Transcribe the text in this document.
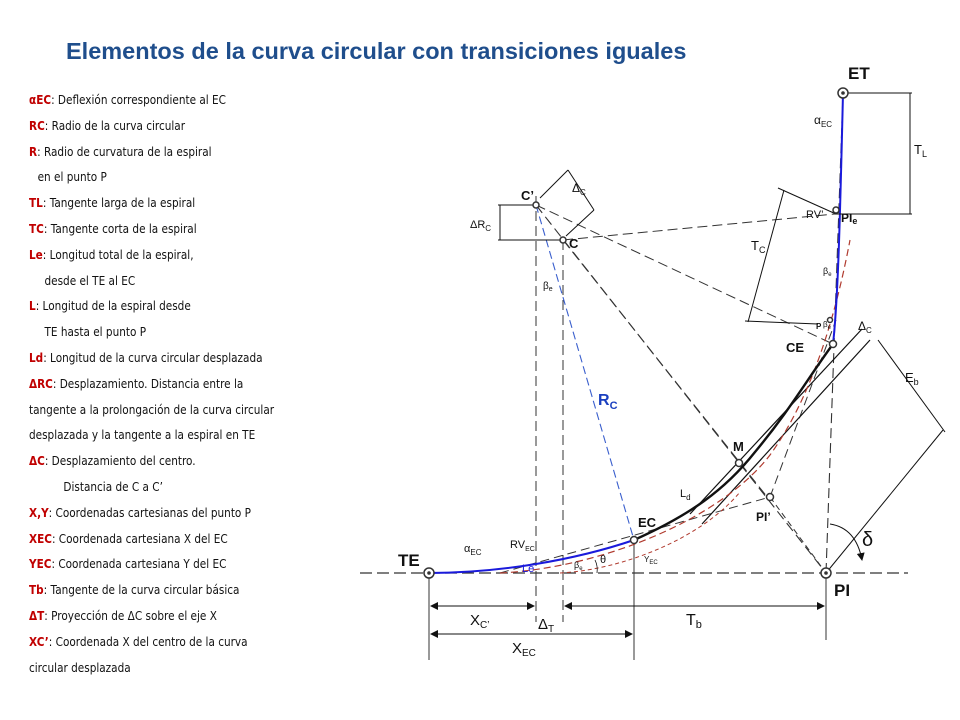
Elementos de la curva circular con transiciones iguales
αEC: Deflexión correspondiente al EC
RC: Radio de la curva circular
R: Radio de curvatura de la espiral
en el punto P
TL: Tangente larga de la espiral
TC: Tangente corta de la espiral
Le: Longitud total de la espiral,
desde el TE al EC
L: Longitud de la espiral desde
TE hasta el punto P
Ld: Longitud de la curva circular desplazada
ΔRC: Desplazamiento. Distancia entre la
tangente a la prolongación de la curva circular
desplazada y la tangente a la espiral en TE
ΔC: Desplazamiento del centro.
Distancia de C a C’
X,Y: Coordenadas cartesianas del punto P
XEC: Coordenada cartesiana X del EC
YEC: Coordenada cartesiana Y del EC
Tb: Tangente de la curva circular básica
ΔT: Proyección de ΔC sobre el eje X
XC’: Coordenada X del centro de la curva
circular desplazada
ET
TE
PI
EC
CE
M
PI’
P
RV’ PIe
C’
C
$R_C$
$\alpha_{EC}$
$\alpha_{EC}$
$RV_{EC}$
Le
$L_d$
θ
δ
$\beta_e$
$\beta_e$
$\beta_e$
$\beta_e$
$Y_{EC}$
$\Delta_C$
$\Delta_C$
$\Delta R_C$
$T_L$
$T_C$
$E_b$
$X_{C’}$	$\Delta_T$
Tb
$X_{EC}$
